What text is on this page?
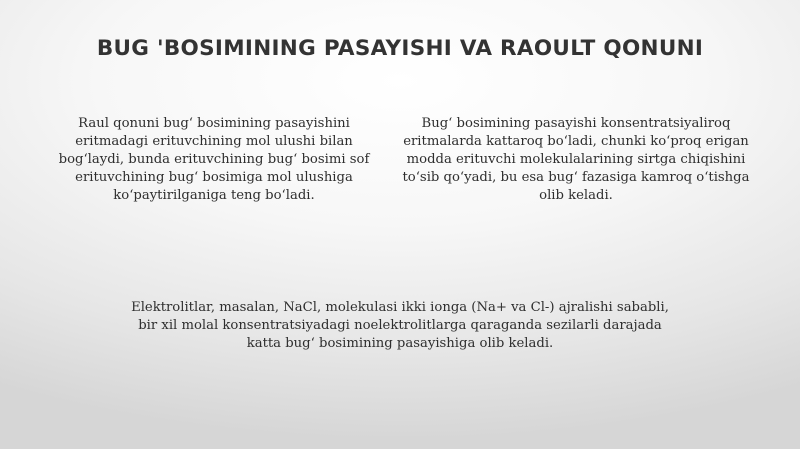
BUG 'BOSIMINING PASAYISHI VA RAOULT QONUNI
Raul qonuni bug‘ bosimining pasayishini eritmadagi erituvchining mol ulushi bilan bog‘laydi, bunda erituvchining bug‘ bosimi sof erituvchining bug‘ bosimiga mol ulushiga ko‘paytirilganiga teng bo‘ladi.
Bug‘ bosimining pasayishi konsentratsiyaliroq eritmalarda kattaroq bo‘ladi, chunki ko‘proq erigan modda erituvchi molekulalarining sirtga chiqishini to‘sib qo‘yadi, bu esa bug‘ fazasiga kamroq o‘tishga olib keladi.
Elektrolitlar, masalan, NaCl, molekulasi ikki ionga (Na+ va Cl-) ajralishi sababli, bir xil molal konsentratsiyadagi noelektrolitlarga qaraganda sezilarli darajada katta bug‘ bosimining pasayishiga olib keladi.
